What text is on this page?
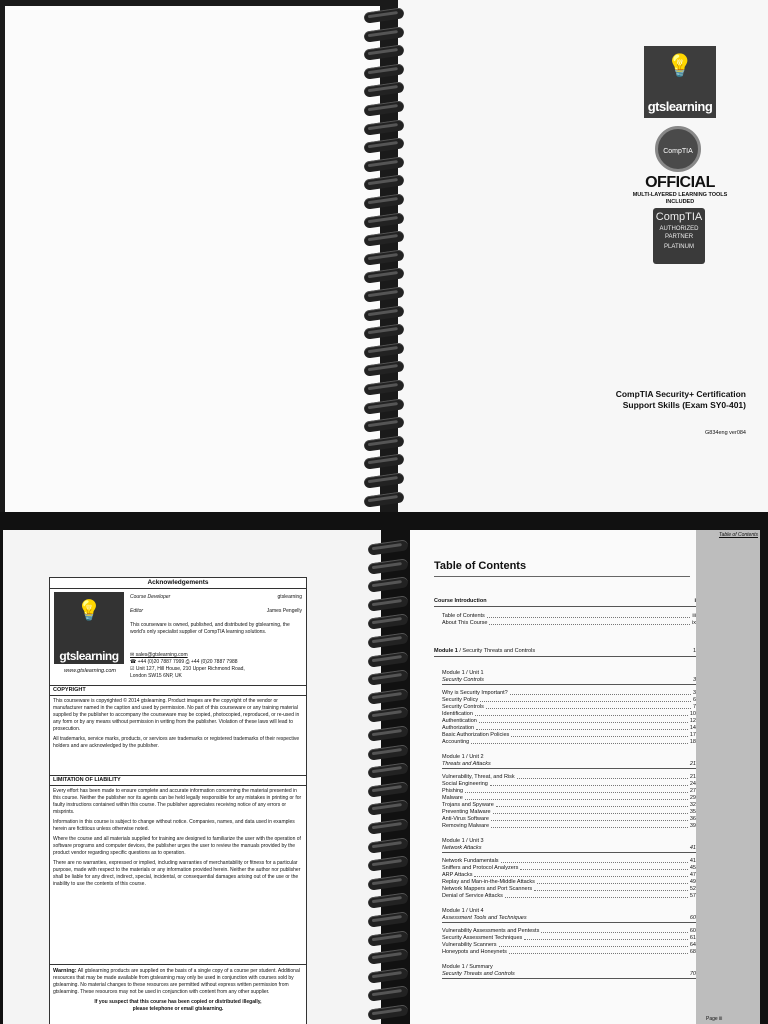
💡
gtslearning
CompTIA
OFFICIAL
MULTI-LAYERED LEARNING TOOLS INCLUDED
CompTIA
AUTHORIZED PARTNER
PLATINUM
CompTIA Security+ Certification
Support Skills (Exam SY0-401)
G834eng ver084
Acknowledgements
💡
gtslearning
www.gtslearning.com
Course Developer	gtslearning
Editor	James Pengelly
This courseware is owned, published, and distributed by gtslearning, the world's only specialist supplier of CompTIA learning solutions.
✉ sales@gtslearning.com
☎ +44 (0)20 7887 7999 ⎙ +44 (0)20 7887 7988
☑ Unit 127, Hill House, 210 Upper Richmond Road,
London SW15 6NP, UK
COPYRIGHT

This courseware is copyrighted © 2014 gtslearning. Product images are the copyright of the vendor or manufacturer named in the caption and used by permission. No part of this courseware or any training material supplied by the publisher to accompany the courseware may be copied, photocopied, reproduced, or re-used in any form or by any means without permission in writing from the publisher. Violation of these laws will lead to prosecution.

All trademarks, service marks, products, or services are trademarks or registered trademarks of their respective holders and are acknowledged by the publisher.

LIMITATION OF LIABILITY

Every effort has been made to ensure complete and accurate information concerning the material presented in this course. Neither the publisher nor its agents can be held legally responsible for any mistakes in printing or for faulty instructions contained within this course. The publisher appreciates receiving notice of any errors or misprints.

Information in this course is subject to change without notice. Companies, names, and data used in examples herein are fictitious unless otherwise noted.

Where the course and all materials supplied for training are designed to familiarize the user with the operation of software programs and computer devices, the publisher urges the user to review the manuals provided by the product vendor regarding specific questions as to operation.

There are no warranties, expressed or implied, including warranties of merchantability or fitness for a particular purpose, made with respect to the materials or any information provided herein. Neither the author nor publisher shall be liable for any direct, indirect, special, incidental, or consequential damages arising out of the use or the inability to use the contents of this course.

Warning: All gtslearning products are supplied on the basis of a single copy of a course per student. Additional resources that may be made available from gtslearning may only be used in conjunction with courses sold by gtslearning. No material changes to these resources are permitted without express written permission from gtslearning. These resources may not be used in conjunction with content from any other supplier.
If you suspect that this course has been copied or distributed illegally,
please telephone or email gtslearning.
Table of Contents
Table of Contents
Course Introduction	i
Table of Contents	iii
About This Course	ix
Module 1 / Security Threats and Controls	1
Module 1 / Unit 1
Security Controls	3
Why is Security Important?	3
Security Policy	6
Security Controls	7
Identification	10
Authentication	12
Authorization	14
Basic Authorization Policies	17
Accounting	18
Module 1 / Unit 2
Threats and Attacks	21
Vulnerability, Threat, and Risk	21
Social Engineering	24
Phishing	27
Malware	29
Trojans and Spyware	32
Preventing Malware	35
Anti-Virus Software	36
Removing Malware	39
Module 1 / Unit 3
Network Attacks	41
Network Fundamentals	41
Sniffers and Protocol Analyzers	45
ARP Attacks	47
Replay and Man-in-the-Middle Attacks	49
Network Mappers and Port Scanners	52
Denial of Service Attacks	57
Module 1 / Unit 4
Assessment Tools and Techniques	60
Vulnerability Assessments and Pentests	60
Security Assessment Techniques	61
Vulnerability Scanners	64
Honeypots and Honeynets	68
Module 1 / Summary
Security Threats and Controls	70
Page iii
